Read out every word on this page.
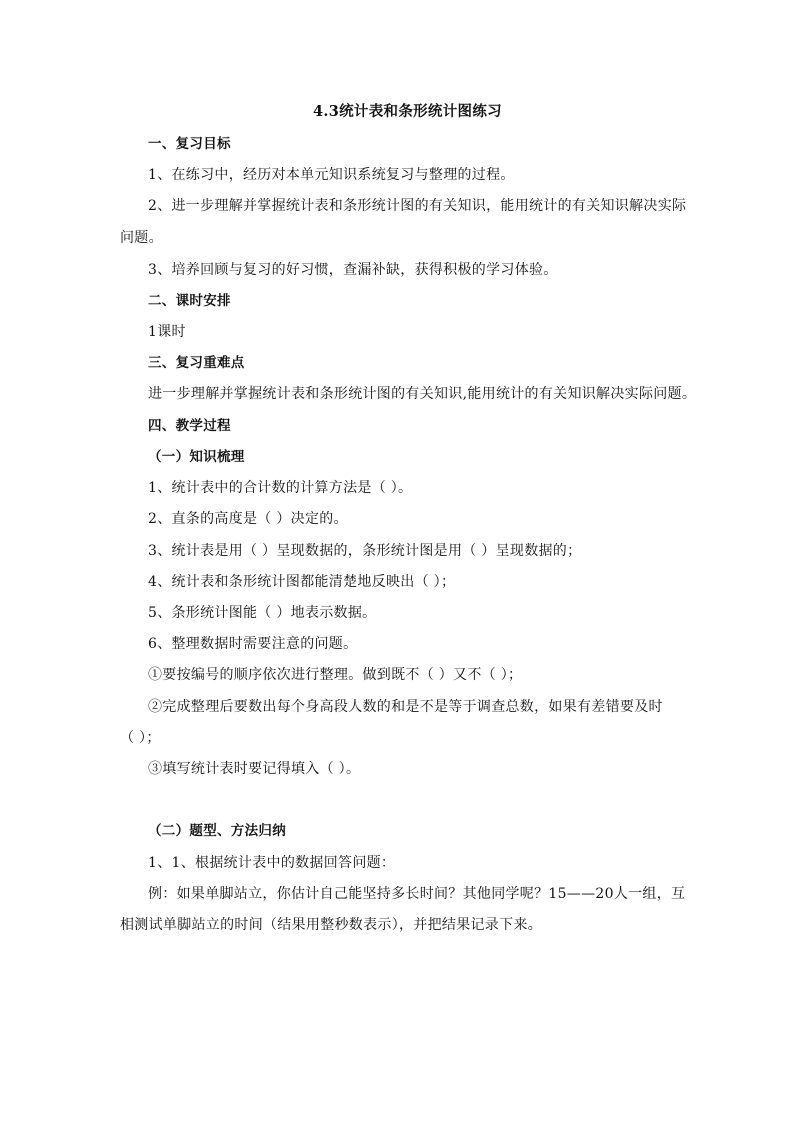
4.3统计表和条形统计图练习
一、复习目标
1、在练习中，经历对本单元知识系统复习与整理的过程。
2、进一步理解并掌握统计表和条形统计图的有关知识，能用统计的有关知识解决实际
问题。
3、培养回顾与复习的好习惯，查漏补缺，获得积极的学习体验。
二、课时安排
1课时
三、复习重难点
进一步理解并掌握统计表和条形统计图的有关知识,能用统计的有关知识解决实际问题。
四、教学过程
（一）知识梳理
1、统计表中的合计数的计算方法是（ ）。
2、直条的高度是（ ）决定的。
3、统计表是用（ ）呈现数据的，条形统计图是用（ ）呈现数据的；
4、统计表和条形统计图都能清楚地反映出（ ）；
5、条形统计图能（ ）地表示数据。
6、整理数据时需要注意的问题。
①要按编号的顺序依次进行整理。做到既不（ ）又不（ ）；
②完成整理后要数出每个身高段人数的和是不是等于调查总数，如果有差错要及时
（ ）；
③填写统计表时要记得填入（ ）。
（二）题型、方法归纳
1、1、根据统计表中的数据回答问题：
例：如果单脚站立，你估计自己能坚持多长时间？其他同学呢？15——20人一组，互
相测试单脚站立的时间（结果用整秒数表示），并把结果记录下来。
